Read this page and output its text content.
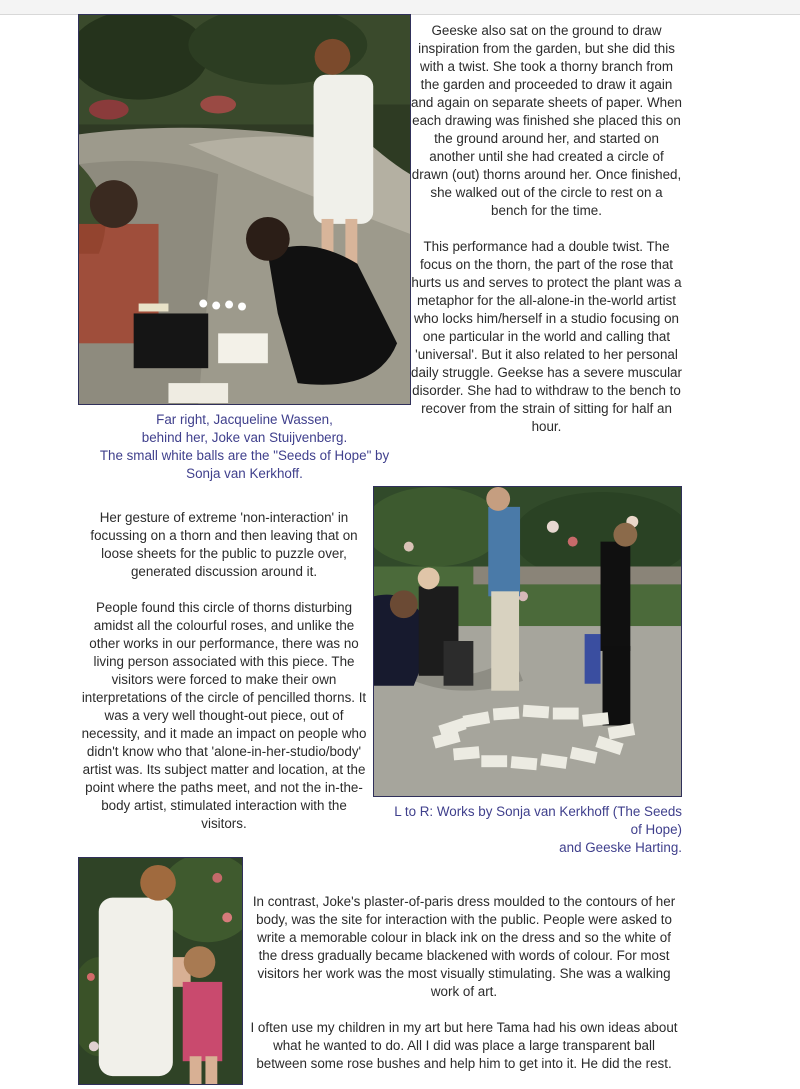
Geeske also sat on the ground to draw inspiration from the garden, but she did this with a twist. She took a thorny branch from the garden and proceeded to draw it again and again on separate sheets of paper. When each drawing was finished she placed this on the ground around her, and started on another until she had created a circle of drawn (out) thorns around her. Once finished, she walked out of the circle to rest on a bench for the time.

This performance had a double twist. The focus on the thorn, the part of the rose that hurts us and serves to protect the plant was a metaphor for the all-alone-in the-world artist who locks him/herself in a studio focusing on one particular in the world and calling that 'universal'. But it also related to her personal daily struggle. Geekse has a severe muscular disorder. She had to withdraw to the bench to recover from the strain of sitting for half an hour.

Far right, Jacqueline Wassen,
behind her, Joke van Stuijvenberg.
The small white balls are the "Seeds of Hope" by
Sonja van Kerkhoff.

Her gesture of extreme 'non-interaction' in focussing on a thorn and then leaving that on loose sheets for the public to puzzle over, generated discussion around it.

People found this circle of thorns disturbing amidst all the colourful roses, and unlike the other works in our performance, there was no living person associated with this piece. The visitors were forced to make their own interpretations of the circle of pencilled thorns. It was a very well thought-out piece, out of necessity, and it made an impact on people who didn't know who that 'alone-in-her-studio/body' artist was. Its subject matter and location, at the point where the paths meet, and not the in-the-body artist, stimulated interaction with the visitors.

L to R: Works by Sonja van Kerkhoff (The Seeds
of Hope)
and Geeske Harting.

In contrast, Joke's plaster-of-paris dress moulded to the contours of her body, was the site for interaction with the public. People were asked to write a memorable colour in black ink on the dress and so the white of the dress gradually became blackened with words of colour. For most visitors her work was the most visually stimulating. She was a walking work of art.

I often use my children in my art but here Tama had his own ideas about what he wanted to do. All I did was place a large transparent ball between some rose bushes and help him to get into it. He did the rest.
